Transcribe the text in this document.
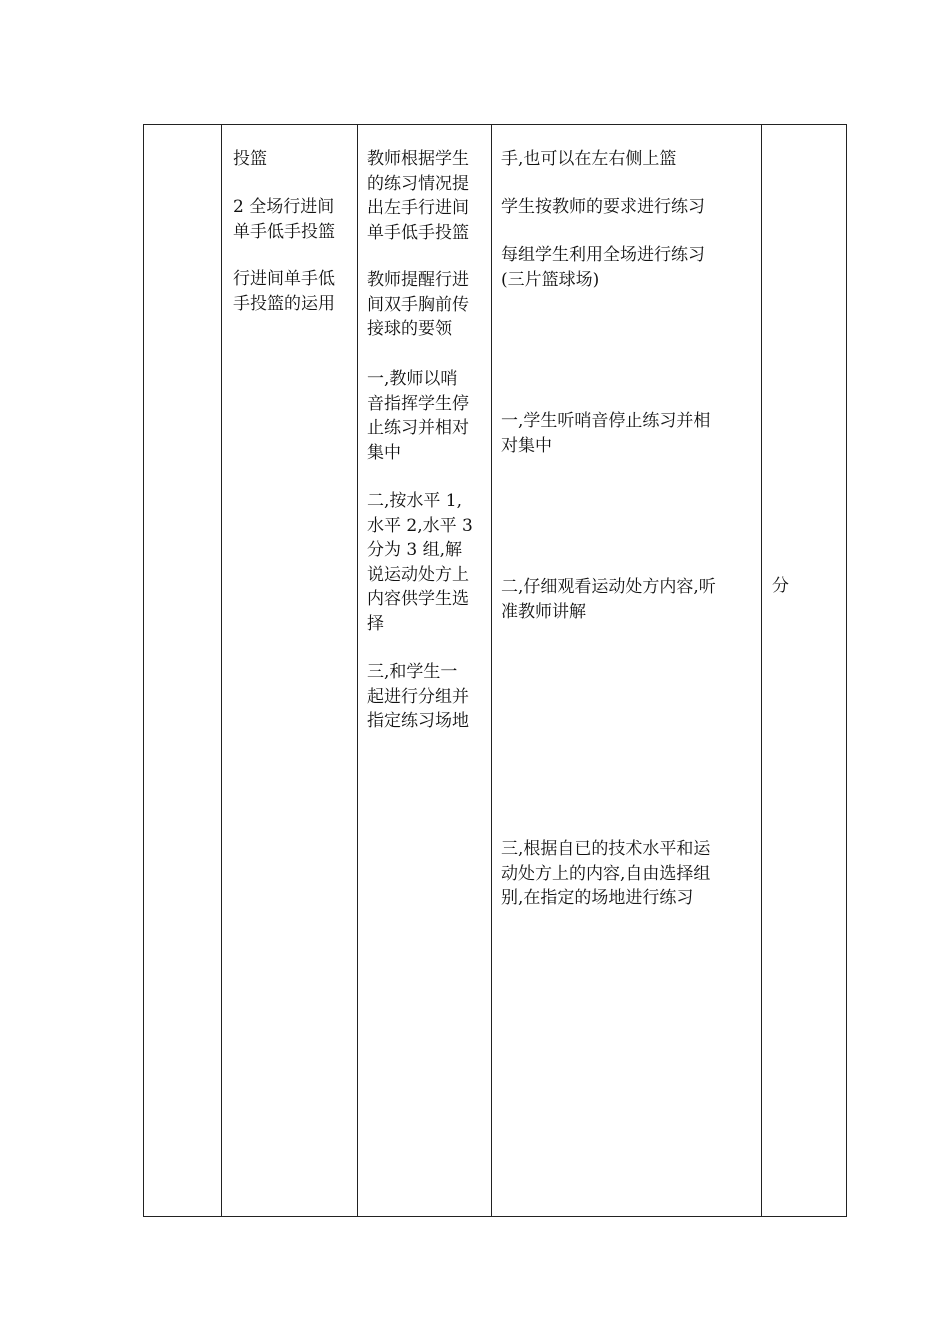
投篮
2 全场行进间
单手低手投篮
行进间单手低
手投篮的运用
教师根据学生
的练习情况提
出左手行进间
单手低手投篮
教师提醒行进
间双手胸前传
接球的要领
一,教师以哨
音指挥学生停
止练习并相对
集中
二,按水平 1,
水平 2,水平 3
分为 3 组,解
说运动处方上
内容供学生选
择
三,和学生一
起进行分组并
指定练习场地
手,也可以在左右侧上篮
学生按教师的要求进行练习
每组学生利用全场进行练习
(三片篮球场)
一,学生听哨音停止练习并相
对集中
二,仔细观看运动处方内容,听
准教师讲解
三,根据自已的技术水平和运
动处方上的内容,自由选择组
别,在指定的场地进行练习
分
